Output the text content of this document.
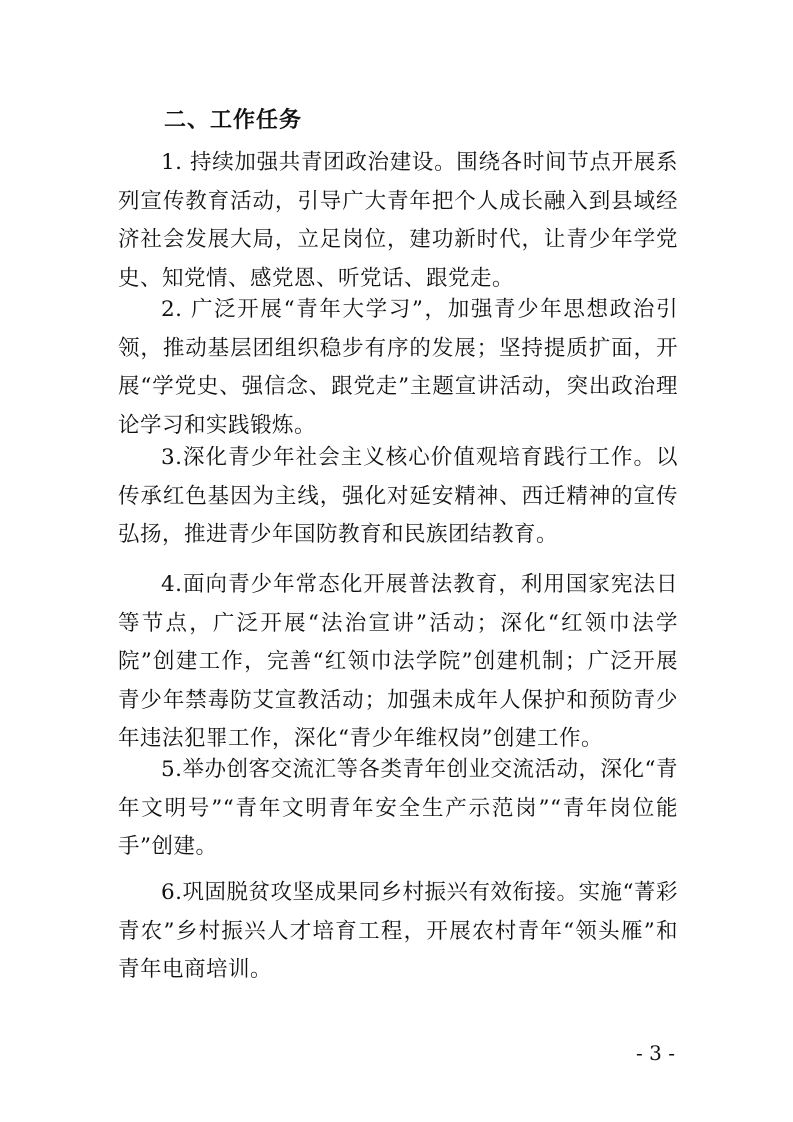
二、工作任务

1. 持续加强共青团政治建设。围绕各时间节点开展系列宣传教育活动，引导广大青年把个人成长融入到县域经济社会发展大局，立足岗位，建功新时代，让青少年学党史、知党情、感党恩、听党话、跟党走。

2. 广泛开展“青年大学习”，加强青少年思想政治引领，推动基层团组织稳步有序的发展；坚持提质扩面，开展“学党史、强信念、跟党走”主题宣讲活动，突出政治理论学习和实践锻炼。

3.深化青少年社会主义核心价值观培育践行工作。以传承红色基因为主线，强化对延安精神、西迁精神的宣传弘扬，推进青少年国防教育和民族团结教育。

4.面向青少年常态化开展普法教育，利用国家宪法日等节点，广泛开展“法治宣讲”活动；深化“红领巾法学院”创建工作，完善“红领巾法学院”创建机制；广泛开展青少年禁毒防艾宣教活动；加强未成年人保护和预防青少年违法犯罪工作，深化“青少年维权岗”创建工作。

5.举办创客交流汇等各类青年创业交流活动，深化“青年文明号”“青年文明青年安全生产示范岗”“青年岗位能手”创建。

6.巩固脱贫攻坚成果同乡村振兴有效衔接。实施“菁彩青农”乡村振兴人才培育工程，开展农村青年“领头雁”和青年电商培训。

- 3 -
